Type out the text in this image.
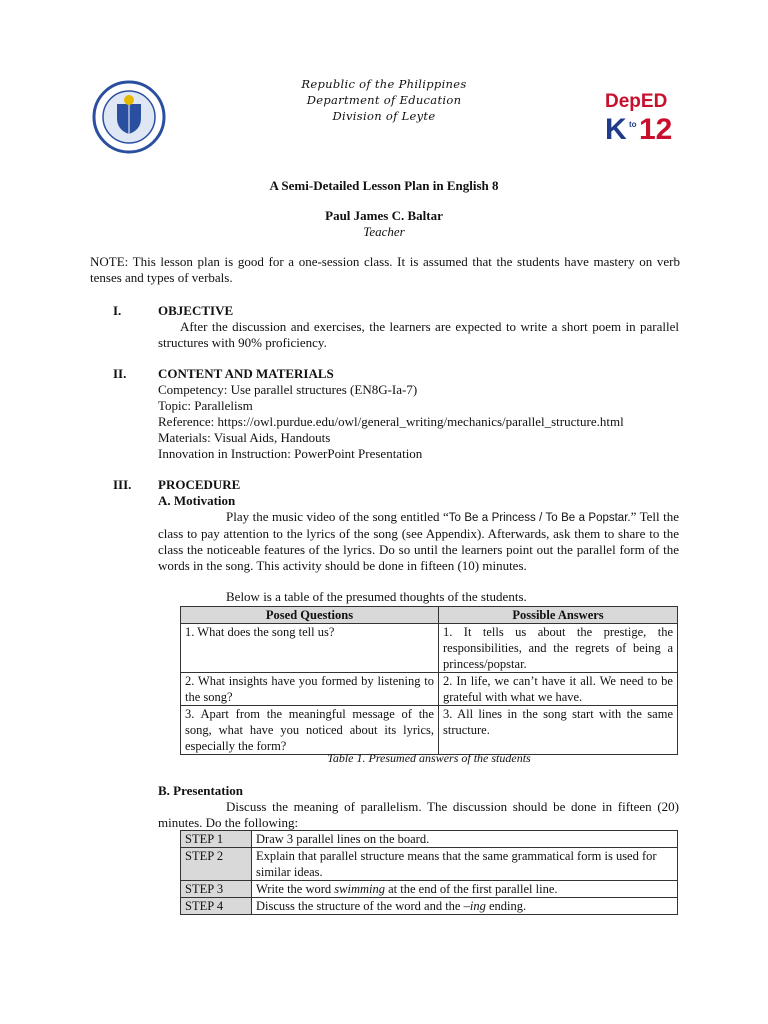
Republic of the Philippines
Department of Education
Division of Leyte
DepED
K to 12
A Semi-Detailed Lesson Plan in English 8
Paul James C. Baltar
Teacher
NOTE: This lesson plan is good for a one-session class. It is assumed that the students have mastery on verb tenses and types of verbals.
I.	OBJECTIVE
After the discussion and exercises, the learners are expected to write a short poem in parallel structures with 90% proficiency.
II. CONTENT AND MATERIALS
Competency: Use parallel structures (EN8G-Ia-7)
Topic: Parallelism
Reference: https://owl.purdue.edu/owl/general_writing/mechanics/parallel_structure.html
Materials: Visual Aids, Handouts
Innovation in Instruction: PowerPoint Presentation
III. PROCEDURE
A. Motivation
Play the music video of the song entitled “To Be a Princess / To Be a Popstar.” Tell the class to pay attention to the lyrics of the song (see Appendix). Afterwards, ask them to share to the class the noticeable features of the lyrics. Do so until the learners point out the parallel form of the words in the song. This activity should be done in fifteen (10) minutes.
Below is a table of the presumed thoughts of the students.
Posed Questions	Possible Answers
1. What does the song tell us?	1. It tells us about the prestige, the responsibilities, and the regrets of being a princess/popstar.
2. What insights have you formed by listening to the song?	2. In life, we can’t have it all. We need to be grateful with what we have.
3. Apart from the meaningful message of the song, what have you noticed about its lyrics, especially the form?	3. All lines in the song start with the same structure.
Table 1. Presumed answers of the students
B. Presentation
Discuss the meaning of parallelism. The discussion should be done in fifteen (20) minutes. Do the following:
STEP 1	Draw 3 parallel lines on the board.
STEP 2	Explain that parallel structure means that the same grammatical form is used for similar ideas.
STEP 3	Write the word swimming at the end of the first parallel line.
STEP 4	Discuss the structure of the word and the –ing ending.
